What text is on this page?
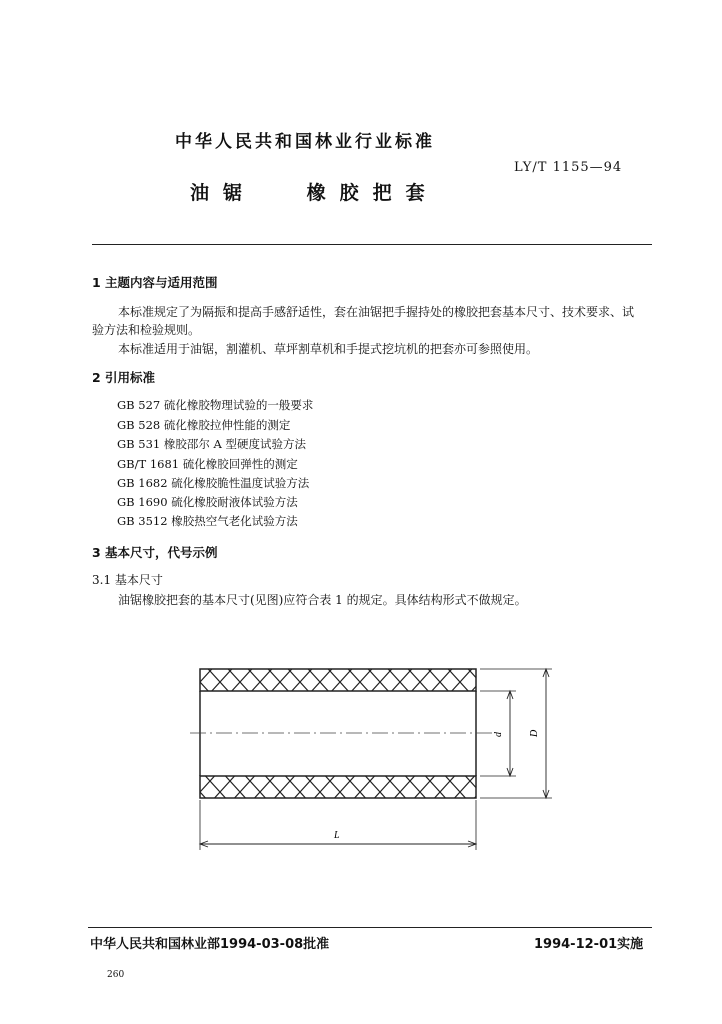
中华人民共和国林业行业标准
LY/T 1155—94
油锯 橡胶把套
1 主题内容与适用范围
本标准规定了为隔振和提高手感舒适性，套在油锯把手握持处的橡胶把套基本尺寸、技术要求、试
验方法和检验规则。
本标准适用于油锯，割灌机、草坪割草机和手提式挖坑机的把套亦可参照使用。
2 引用标准
GB 527 硫化橡胶物理试验的一般要求
GB 528 硫化橡胶拉伸性能的测定
GB 531 橡胶邵尔 A 型硬度试验方法
GB/T 1681 硫化橡胶回弹性的测定
GB 1682 硫化橡胶脆性温度试验方法
GB 1690 硫化橡胶耐液体试验方法
GB 3512 橡胶热空气老化试验方法
3 基本尺寸，代号示例
3.1 基本尺寸
油锯橡胶把套的基本尺寸(见图)应符合表 1 的规定。具体结构形式不做规定。
d	D
L
中华人民共和国林业部1994-03-08批准	1994-12-01实施
260
